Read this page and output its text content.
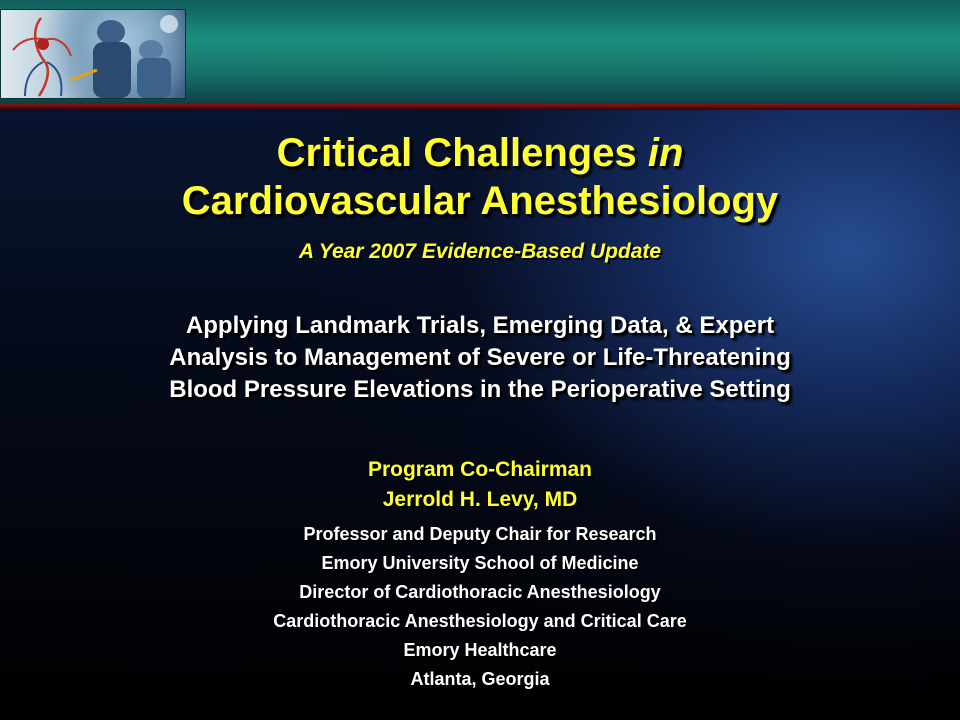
Critical Challenges in
Cardiovascular Anesthesiology
A Year 2007 Evidence-Based Update
Applying Landmark Trials, Emerging Data, & Expert
Analysis to Management of Severe or Life-Threatening
Blood Pressure Elevations in the Perioperative Setting
Program Co-Chairman
Jerrold H. Levy, MD
Professor and Deputy Chair for Research
Emory University School of Medicine
Director of Cardiothoracic Anesthesiology
Cardiothoracic Anesthesiology and Critical Care
Emory Healthcare
Atlanta, Georgia
